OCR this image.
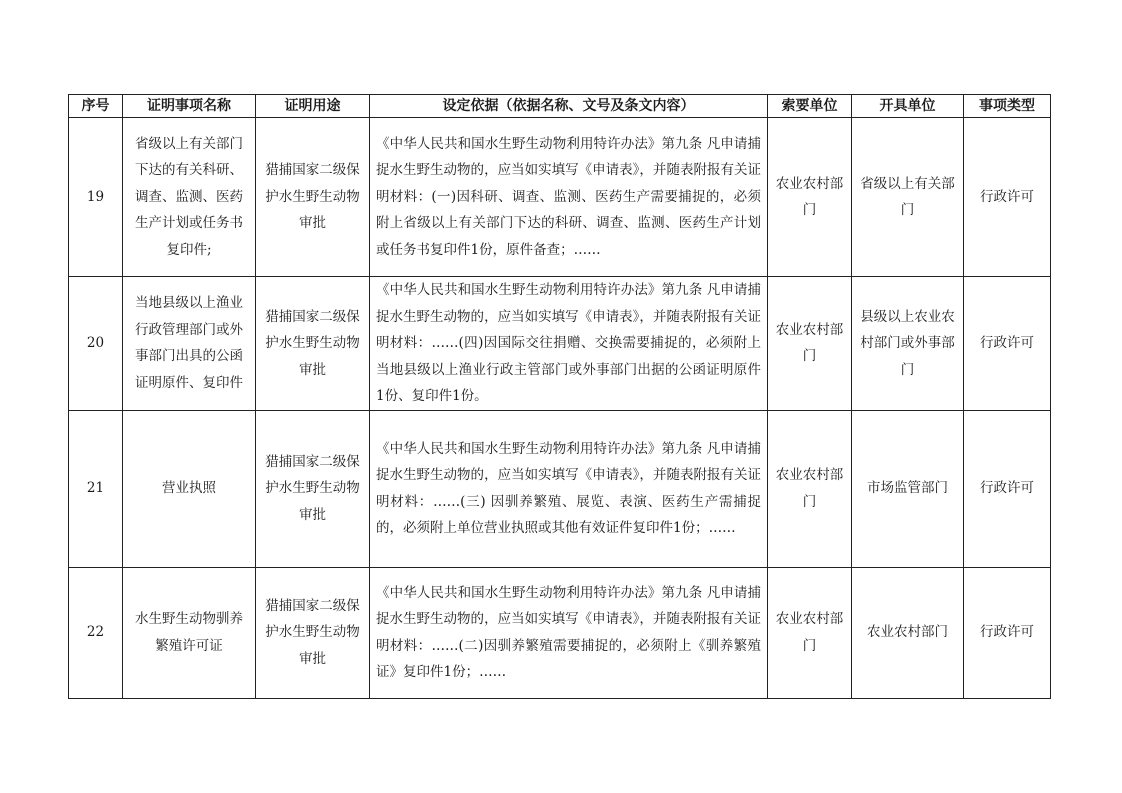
序号	证明事项名称	证明用途	设定依据（依据名称、文号及条文内容）	索要单位	开具单位	事项类型
19	省级以上有关部门下达的有关科研、调查、监测、医药生产计划或任务书复印件;	猎捕国家二级保护水生野生动物审批	《中华人民共和国水生野生动物利用特许办法》第九条 凡申请捕捉水生野生动物的，应当如实填写《申请表》，并随表附报有关证明材料：(一)因科研、调查、监测、医药生产需要捕捉的，必须附上省级以上有关部门下达的科研、调查、监测、医药生产计划或任务书复印件1份，原件备查；……	农业农村部门	省级以上有关部门	行政许可
20	当地县级以上渔业行政管理部门或外事部门出具的公函证明原件、复印件	猎捕国家二级保护水生野生动物审批	《中华人民共和国水生野生动物利用特许办法》第九条 凡申请捕捉水生野生动物的，应当如实填写《申请表》，并随表附报有关证明材料：……(四)因国际交往捐赠、交换需要捕捉的，必须附上当地县级以上渔业行政主管部门或外事部门出据的公函证明原件1份、复印件1份。	农业农村部门	县级以上农业农村部门或外事部门	行政许可
21	营业执照	猎捕国家二级保护水生野生动物审批	《中华人民共和国水生野生动物利用特许办法》第九条 凡申请捕捉水生野生动物的，应当如实填写《申请表》，并随表附报有关证明材料：……(三) 因驯养繁殖、展览、表演、医药生产需捕捉的，必须附上单位营业执照或其他有效证件复印件1份；……	农业农村部门	市场监管部门	行政许可
22	水生野生动物驯养繁殖许可证	猎捕国家二级保护水生野生动物审批	《中华人民共和国水生野生动物利用特许办法》第九条 凡申请捕捉水生野生动物的，应当如实填写《申请表》，并随表附报有关证明材料：……(二)因驯养繁殖需要捕捉的，必须附上《驯养繁殖证》复印件1份；……	农业农村部门	农业农村部门	行政许可
